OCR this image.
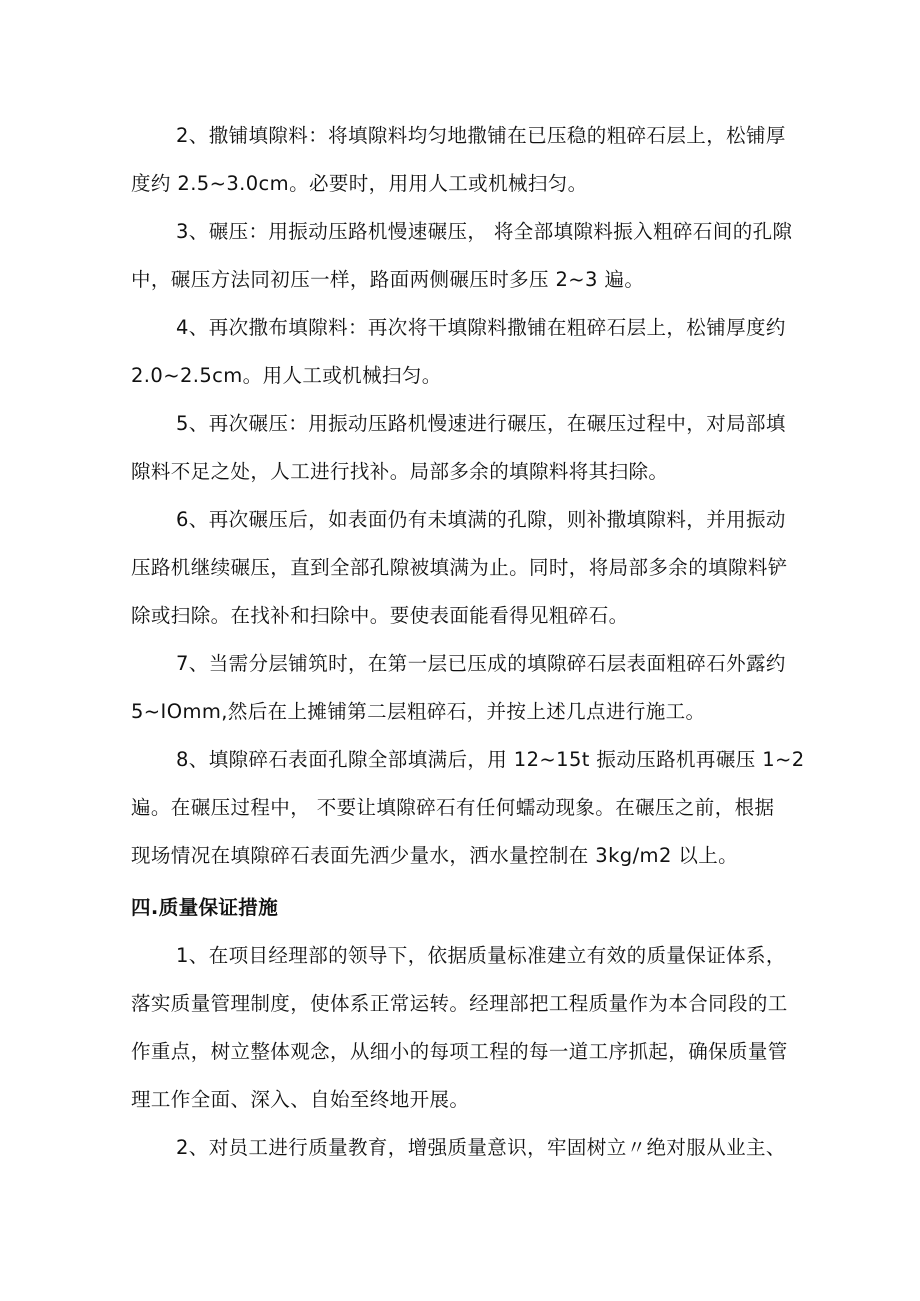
2、撒铺填隙料：将填隙料均匀地撒铺在已压稳的粗碎石层上，松铺厚
度约 2.5~3.0cm。必要时，用用人工或机械扫匀。
3、碾压：用振动压路机慢速碾压， 将全部填隙料振入粗碎石间的孔隙
中，碾压方法同初压一样，路面两侧碾压时多压 2~3 遍。
4、再次撒布填隙料：再次将干填隙料撒铺在粗碎石层上，松铺厚度约
2.0~2.5cm。用人工或机械扫匀。
5、再次碾压：用振动压路机慢速进行碾压，在碾压过程中，对局部填
隙料不足之处，人工进行找补。局部多余的填隙料将其扫除。
6、再次碾压后，如表面仍有未填满的孔隙，则补撒填隙料，并用振动
压路机继续碾压，直到全部孔隙被填满为止。同时，将局部多余的填隙料铲
除或扫除。在找补和扫除中。要使表面能看得见粗碎石。
7、当需分层铺筑时，在第一层已压成的填隙碎石层表面粗碎石外露约
5~IOmm,然后在上摊铺第二层粗碎石，并按上述几点进行施工。
8、填隙碎石表面孔隙全部填满后，用 12~15t 振动压路机再碾压 1~2
遍。在碾压过程中， 不要让填隙碎石有任何蠕动现象。在碾压之前，根据
现场情况在填隙碎石表面先洒少量水，洒水量控制在 3kg/m2 以上。
四.质量保证措施
1、在项目经理部的领导下，依据质量标准建立有效的质量保证体系，
落实质量管理制度，使体系正常运转。经理部把工程质量作为本合同段的工
作重点，树立整体观念，从细小的每项工程的每一道工序抓起，确保质量管
理工作全面、深入、自始至终地开展。
2、对员工进行质量教育，增强质量意识，牢固树立〃绝对服从业主、
